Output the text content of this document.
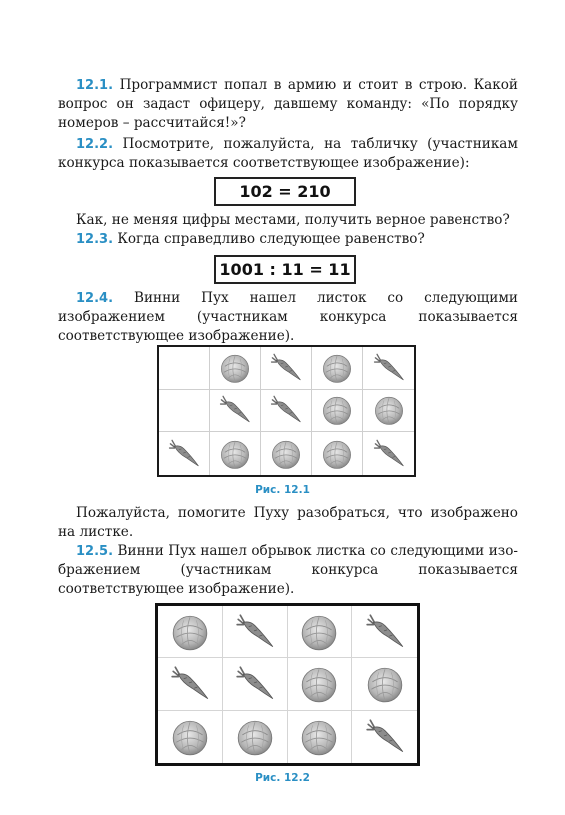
12.1. Программист попал в армию и стоит в строю. Какой вопрос он задаст офицеру, давшему команду: «По порядку номеров – рассчитайся!»?

12.2. Посмотрите, пожалуйста, на табличку (участникам конкурса показывается соответствующее изображение):

102 = 210

Как, не меняя цифры местами, получить верное равенство?

12.3. Когда справедливо следующее равенство?

1001 : 11 = 11

12.4. Винни Пух нашел листок со следующими изображением (участникам конкурса показывается соответствующее изображение).

Рис. 12.1

Пожалуйста, помогите Пуху разобраться, что изображено на листке.

12.5. Винни Пух нашел обрывок листка со следующими изображением (участникам конкурса показывается соответствующее изображение).

Рис. 12.2
